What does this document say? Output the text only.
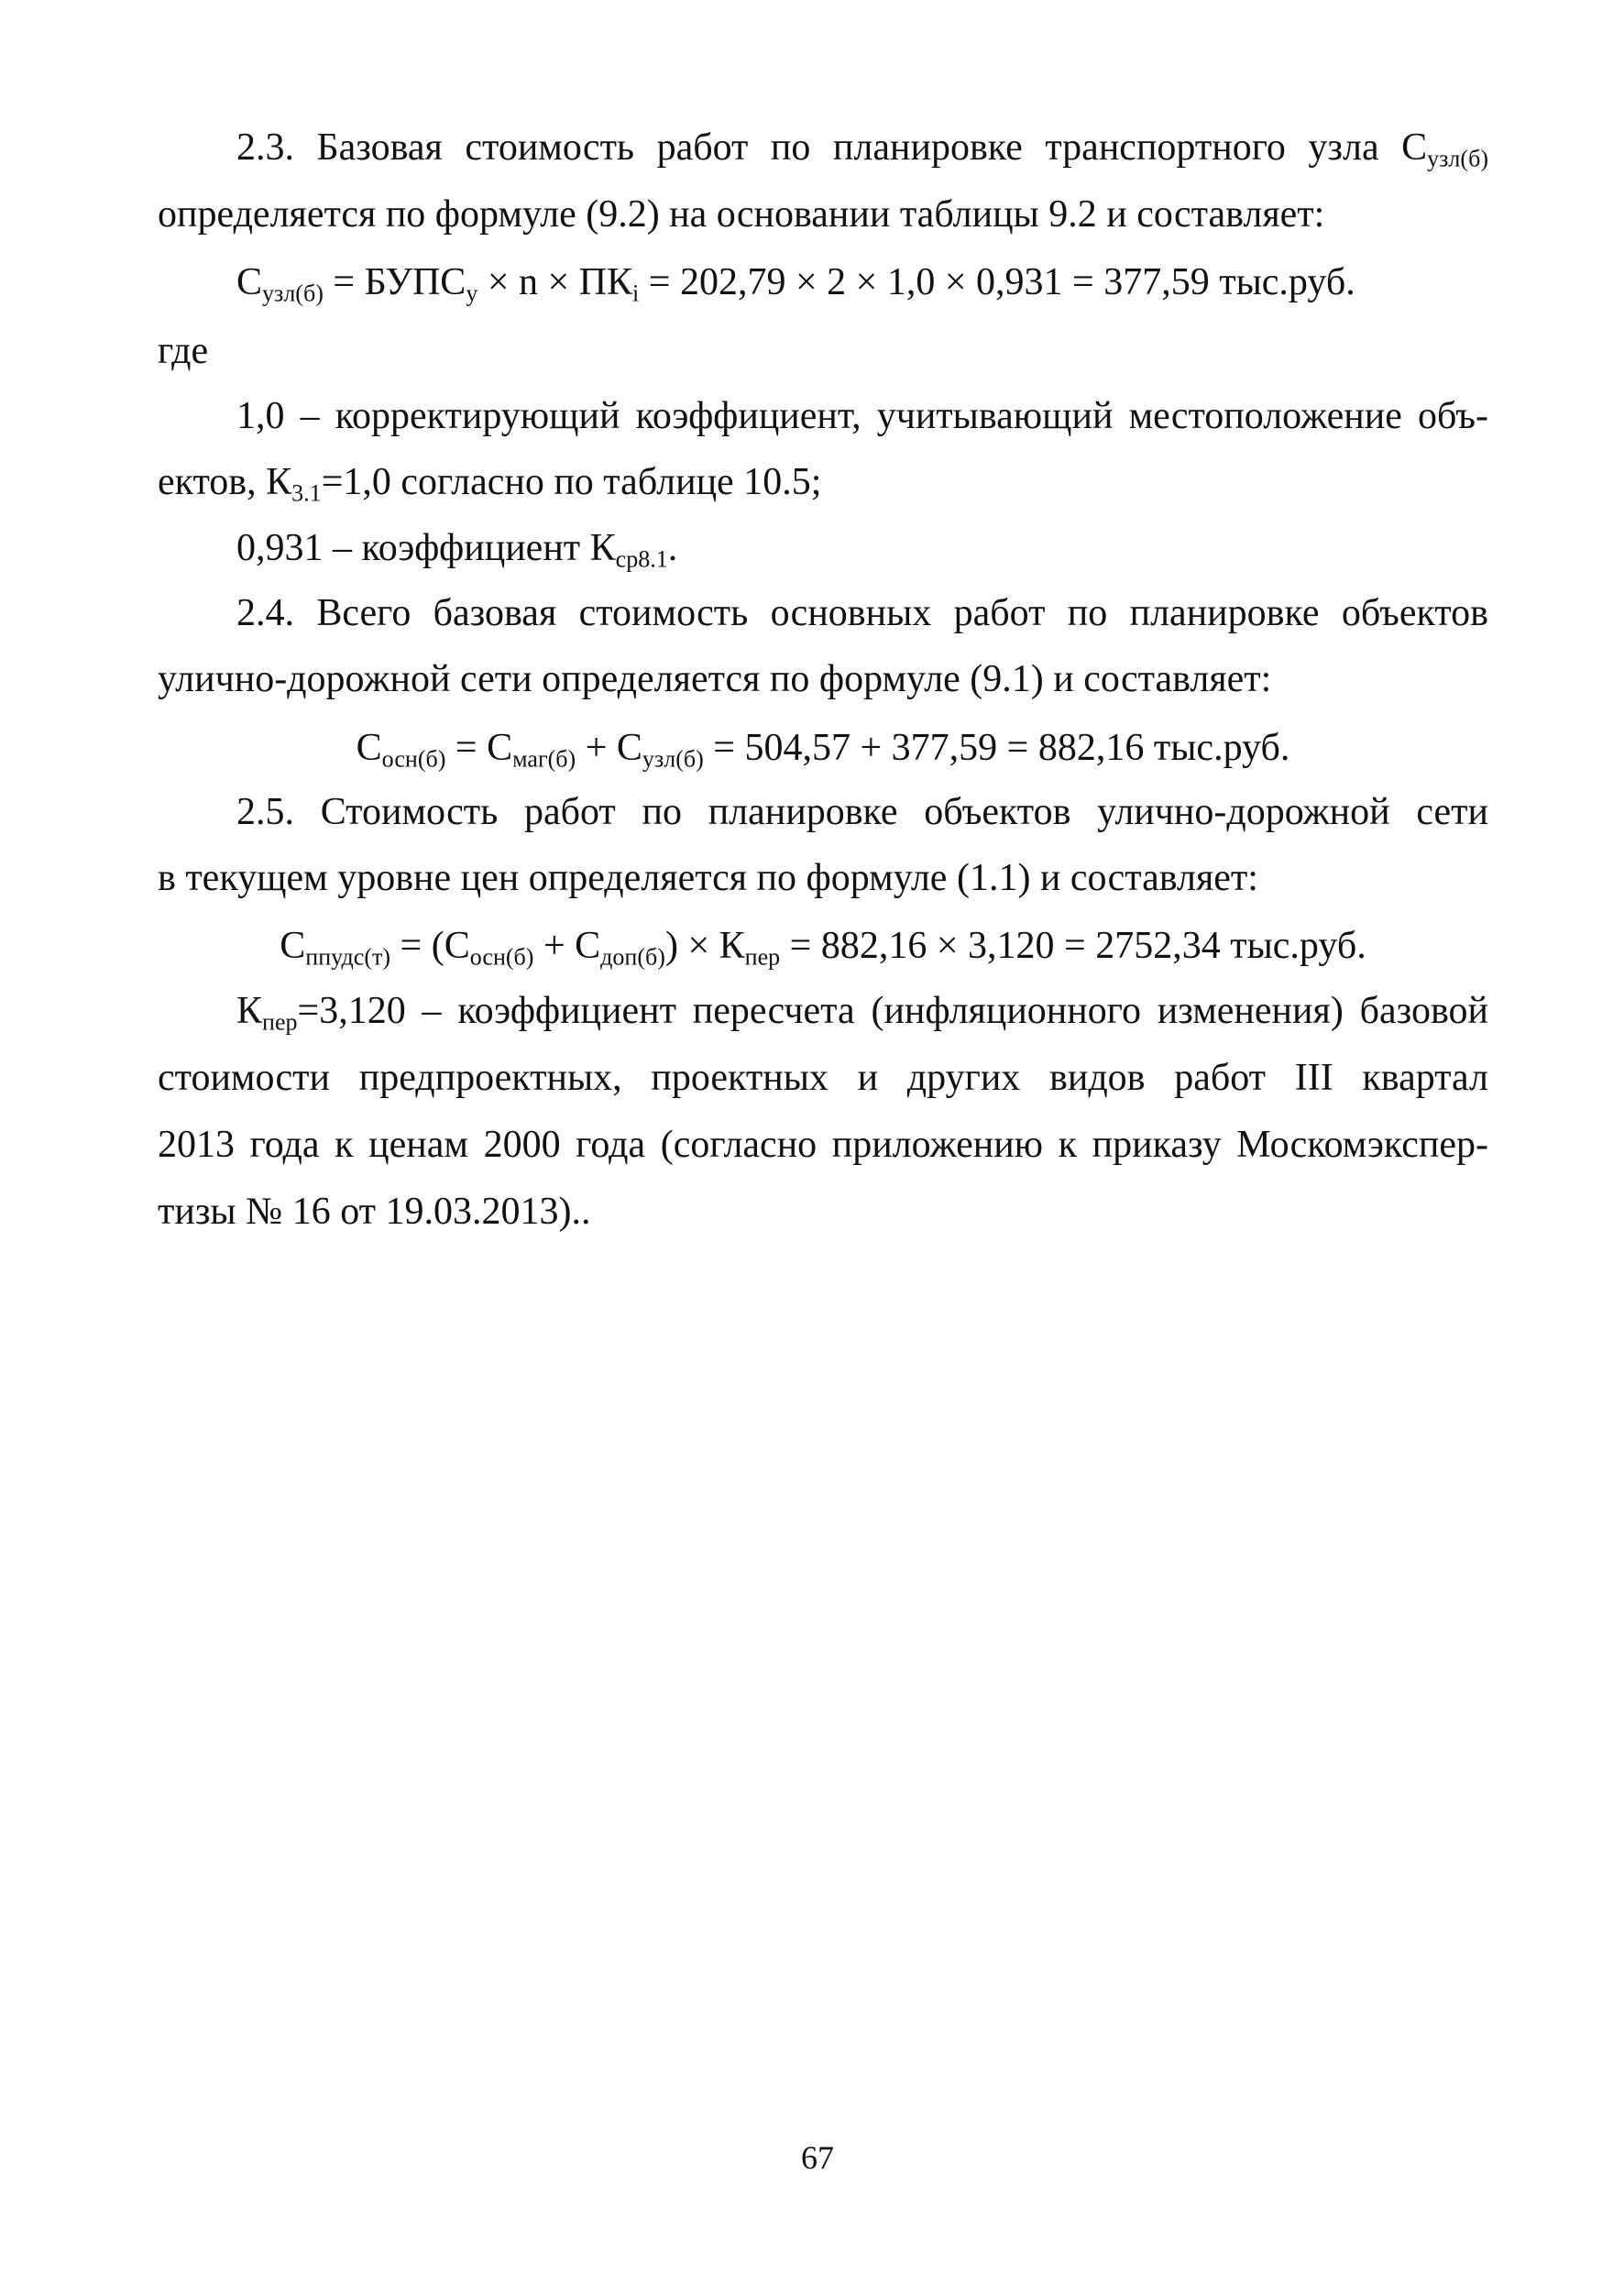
2.3. Базовая стоимость работ по планировке транспортного узла $С_{узл(б)}$
определяется по формуле (9.2) на основании таблицы 9.2 и составляет:
$С_{узл(б)}$ = $БУПС_у \times n \times ПК_i = 202,79 \times 2 \times 1,0 \times 0,931 = 377,59$ тыс.руб.
где
1,0 – корректирующий коэффициент, учитывающий местоположение объ-
ектов, $К_{3.1}=1,0$ согласно по таблице 10.5;
0,931 – коэффициент $К_{ср8.1}$.
2.4. Всего базовая стоимость основных работ по планировке объектов
улично-дорожной сети определяется по формуле (9.1) и составляет:
$С_{осн(б)} = С_{маг(б)} + С_{узл(б)} = 504,57 + 377,59 = 882,16$ тыс.руб.
2.5. Стоимость работ по планировке объектов улично-дорожной сети
в текущем уровне цен определяется по формуле (1.1) и составляет:
$С_{ппудс(т)} = (С_{осн(б)} + С_{доп(б)}) \times К_{пер} = 882,16 \times 3,120 = 2752,34$ тыс.руб.
$К_{пер}=3,120$ – коэффициент пересчета (инфляционного изменения) базовой
стоимости предпроектных, проектных и других видов работ III квартал
2013 года к ценам 2000 года (согласно приложению к приказу Москомэкспер-
тизы № 16 от 19.03.2013)..
67
